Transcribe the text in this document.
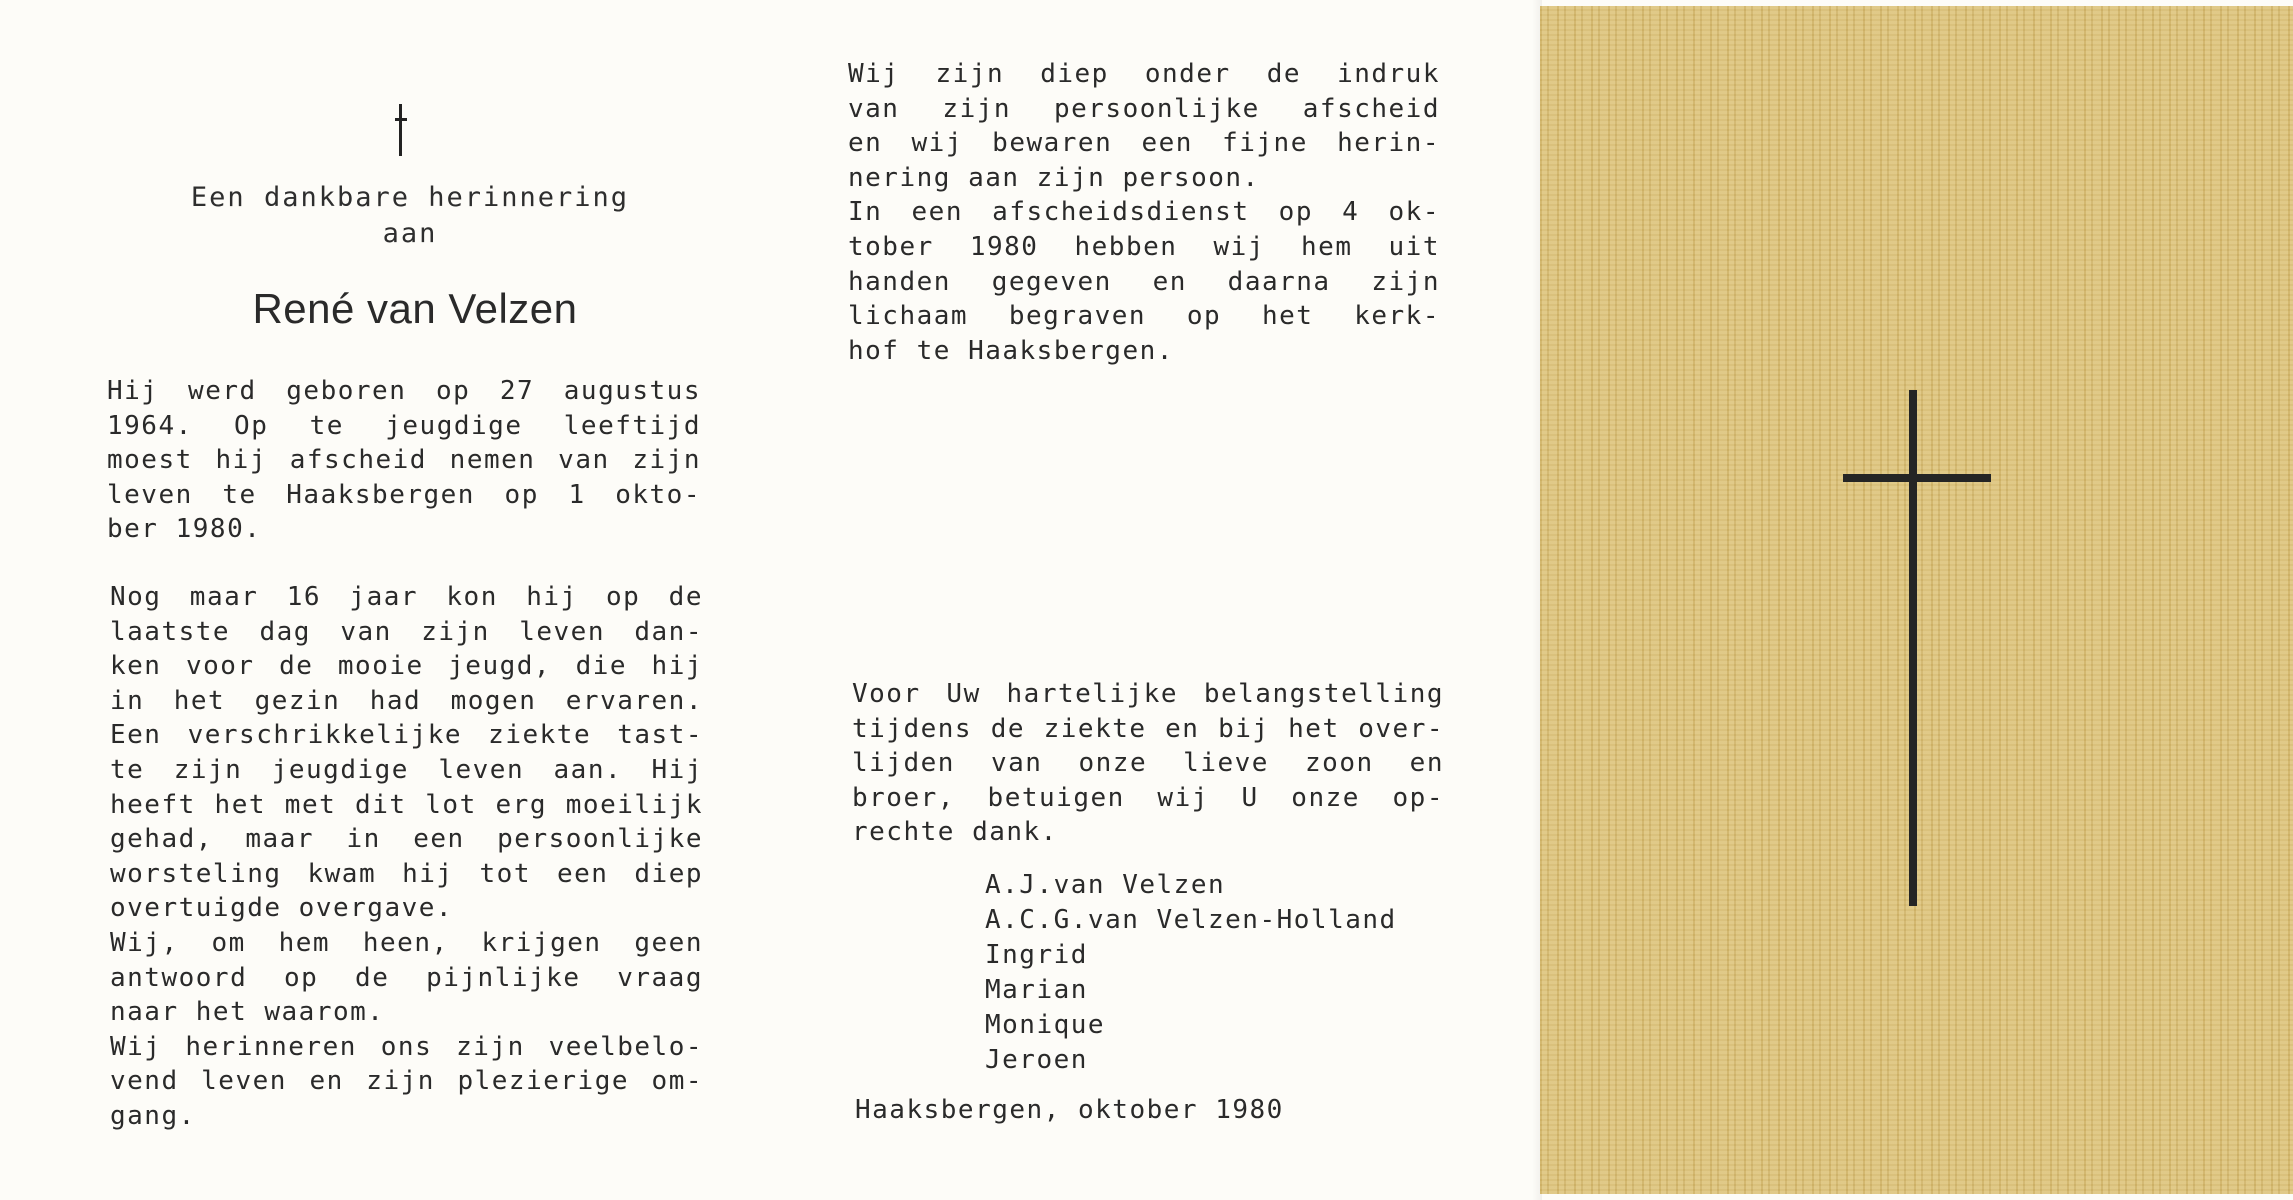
Een dankbare herinnering
aan
René van Velzen
Hij werd geboren op 27 augustus
1964. Op te jeugdige leeftijd
moest hij afscheid nemen van zijn
leven te Haaksbergen op 1 okto-
ber 1980.
Nog maar 16 jaar kon hij op de
laatste dag van zijn leven dan-
ken voor de mooie jeugd, die hij
in het gezin had mogen ervaren.
Een verschrikkelijke ziekte tast-
te zijn jeugdige leven aan. Hij
heeft het met dit lot erg moeilijk
gehad, maar in een persoonlijke
worsteling kwam hij tot een diep
overtuigde overgave.
Wij, om hem heen, krijgen geen
antwoord op de pijnlijke vraag
naar het waarom.
Wij herinneren ons zijn veelbelo-
vend leven en zijn plezierige om-
gang.
Wij zijn diep onder de indruk
van zijn persoonlijke afscheid
en wij bewaren een fijne herin-
nering aan zijn persoon.
In een afscheidsdienst op 4 ok-
tober 1980 hebben wij hem uit
handen gegeven en daarna zijn
lichaam begraven op het kerk-
hof te Haaksbergen.
Voor Uw hartelijke belangstelling
tijdens de ziekte en bij het over-
lijden van onze lieve zoon en
broer, betuigen wij U onze op-
rechte dank.
A.J.van Velzen
A.C.G.van Velzen-Holland
Ingrid
Marian
Monique
Jeroen
Haaksbergen, oktober 1980
